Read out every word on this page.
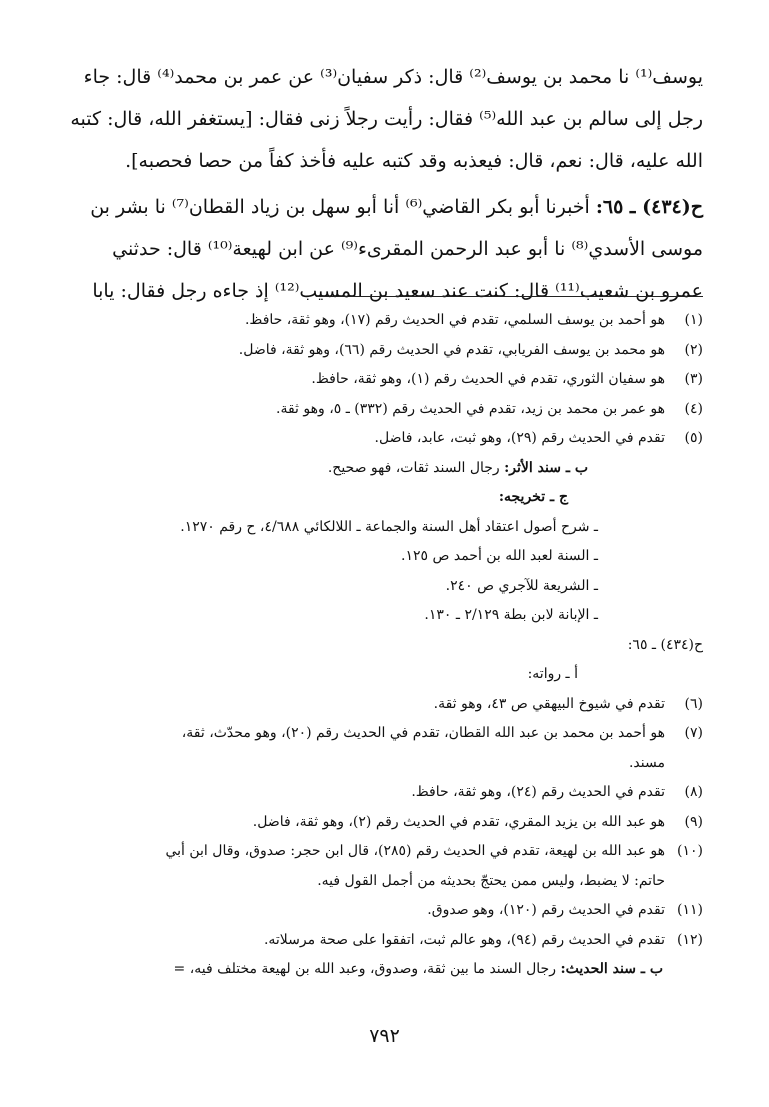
يوسف⁽¹⁾ نا محمد بن يوسف⁽²⁾ قال: ذكر سفيان⁽³⁾ عن عمر بن محمد⁽⁴⁾ قال: جاء

رجل إلى سالم بن عبد الله⁽⁵⁾ فقال: رأيت رجلاً زنى فقال: [يستغفر الله، قال: كتبه

الله عليه، قال: نعم، قال: فيعذبه وقد كتبه عليه فأخذ كفاً من حصا فحصبه].

ح(٤٣٤) ـ ٦٥: أخبرنا أبو بكر القاضي⁽⁶⁾ أنا أبو سهل بن زياد القطان⁽⁷⁾ نا بشر بن

موسى الأسدي⁽⁸⁾ نا أبو عبد الرحمن المقرىء⁽⁹⁾ عن ابن لهيعة⁽¹⁰⁾ قال: حدثني

عمرو بن شعيب⁽¹¹⁾ قال: كنت عند سعيد بن المسيب⁽¹²⁾ إذ جاءه رجل فقال: يابا

(١)
هو أحمد بن يوسف السلمي، تقدم في الحديث رقم (١٧)، وهو ثقة، حافظ.
(٢)
هو محمد بن يوسف الفريابي، تقدم في الحديث رقم (٦٦)، وهو ثقة، فاضل.
(٣)
هو سفيان الثوري، تقدم في الحديث رقم (١)، وهو ثقة، حافظ.
(٤)
هو عمر بن محمد بن زيد، تقدم في الحديث رقم (٣٣٢) ـ ٥، وهو ثقة.
(٥)
تقدم في الحديث رقم (٢٩)، وهو ثبت، عابد، فاضل.
ب ـ سند الأثر: رجال السند ثقات، فهو صحيح.
ج ـ تخريجه:
ـ شرح أصول اعتقاد أهل السنة والجماعة ـ اللالكائي ٤/٦٨٨، ح رقم ١٢٧٠.
ـ السنة لعبد الله بن أحمد ص ١٢٥.
ـ الشريعة للآجري ص ٢٤٠.
ـ الإبانة لابن بطة ٢/١٢٩ ـ ١٣٠.
ح(٤٣٤) ـ ٦٥:
أ ـ رواته:
(٦)
تقدم في شيوخ البيهقي ص ٤٣، وهو ثقة.
(٧)
هو أحمد بن محمد بن عبد الله القطان، تقدم في الحديث رقم (٢٠)، وهو محدّث، ثقة،
مسند.
(٨)
تقدم في الحديث رقم (٢٤)، وهو ثقة، حافظ.
(٩)
هو عبد الله بن يزيد المقري، تقدم في الحديث رقم (٢)، وهو ثقة، فاضل.
(١٠)
هو عبد الله بن لهيعة، تقدم في الحديث رقم (٢٨٥)، قال ابن حجر: صدوق، وقال ابن أبي
حاتم: لا يضبط، وليس ممن يحتجّ بحديثه من أجمل القول فيه.
(١١)
تقدم في الحديث رقم (١٢٠)، وهو صدوق.
(١٢)
تقدم في الحديث رقم (٩٤)، وهو عالم ثبت، اتفقوا على صحة مرسلاته.
ب ـ سند الحديث: رجال السند ما بين ثقة، وصدوق، وعبد الله بن لهيعة مختلف فيه، =
٧٩٢
